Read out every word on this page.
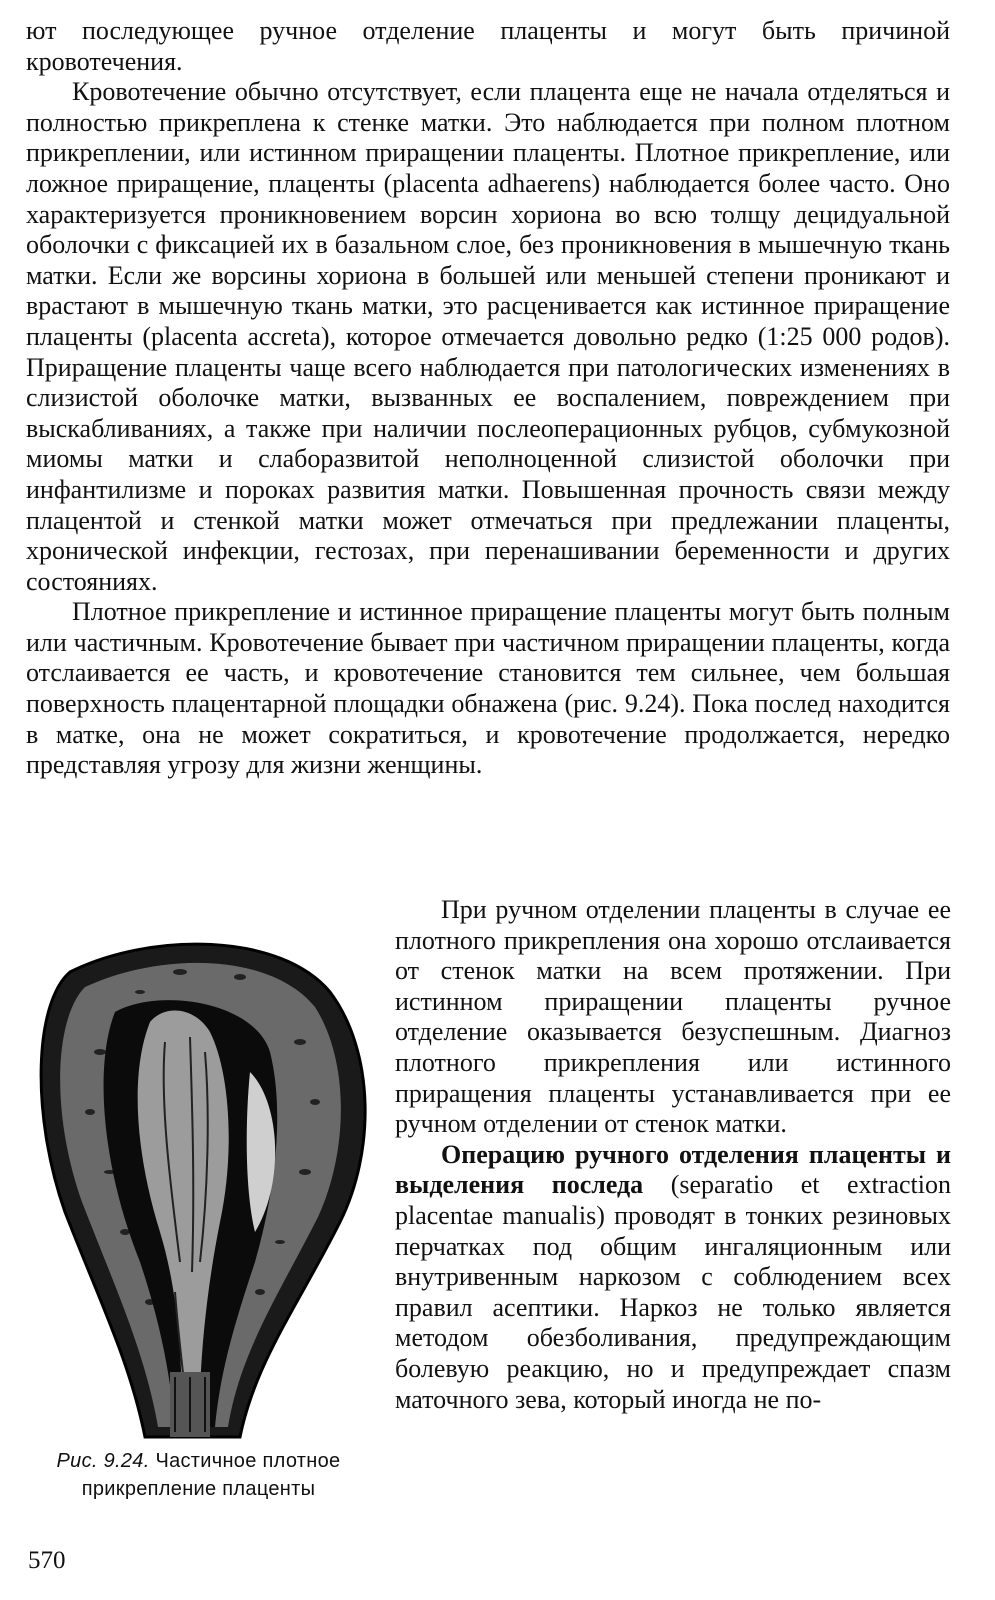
ют последующее ручное отделение плаценты и могут быть причиной кровотечения.

Кровотечение обычно отсутствует, если плацента еще не начала отделяться и полностью прикреплена к стенке матки. Это наблюдается при полном плотном прикреплении, или истинном приращении плаценты. Плотное прикрепление, или ложное приращение, плаценты (placenta adhaerens) наблюдается более часто. Оно характеризуется проникновением ворсин хориона во всю толщу децидуальной оболочки с фиксацией их в базальном слое, без проникновения в мышечную ткань матки. Если же ворсины хориона в большей или меньшей степени проникают и врастают в мышечную ткань матки, это расценивается как истинное приращение плаценты (placenta accreta), которое отмечается довольно редко (1:25 000 родов). Приращение плаценты чаще всего наблюдается при патологических изменениях в слизистой оболочке матки, вызванных ее воспалением, повреждением при выскабливаниях, а также при наличии послеоперационных рубцов, субмукозной миомы матки и слаборазвитой неполноценной слизистой оболочки при инфантилизме и пороках развития матки. Повышенная прочность связи между плацентой и стенкой матки может отмечаться при предлежании плаценты, хронической инфекции, гестозах, при перенашивании беременности и других состояниях.

Плотное прикрепление и истинное приращение плаценты могут быть полным или частичным. Кровотечение бывает при частичном приращении плаценты, когда отслаивается ее часть, и кровотечение становится тем сильнее, чем большая поверхность плацентарной площадки обнажена (рис. 9.24). Пока послед находится в матке, она не может сократиться, и кровотечение продолжается, нередко представляя угрозу для жизни женщины.

Рис. 9.24. Частичное плотное прикрепление плаценты

При ручном отделении плаценты в случае ее плотного прикрепления она хорошо отслаивается от стенок матки на всем протяжении. При истинном приращении плаценты ручное отделение оказывается безуспешным. Диагноз плотного прикрепления или истинного приращения плаценты устанавливается при ее ручном отделении от стенок матки.

Операцию ручного отделения плаценты и выделения последа (separatio et extraction placentae manualis) проводят в тонких резиновых перчатках под общим ингаляционным или внутривенным наркозом с соблюдением всех правил асептики. Наркоз не только является методом обезболивания, предупреждающим болевую реакцию, но и предупреждает спазм маточного зева, который иногда не по-

570
